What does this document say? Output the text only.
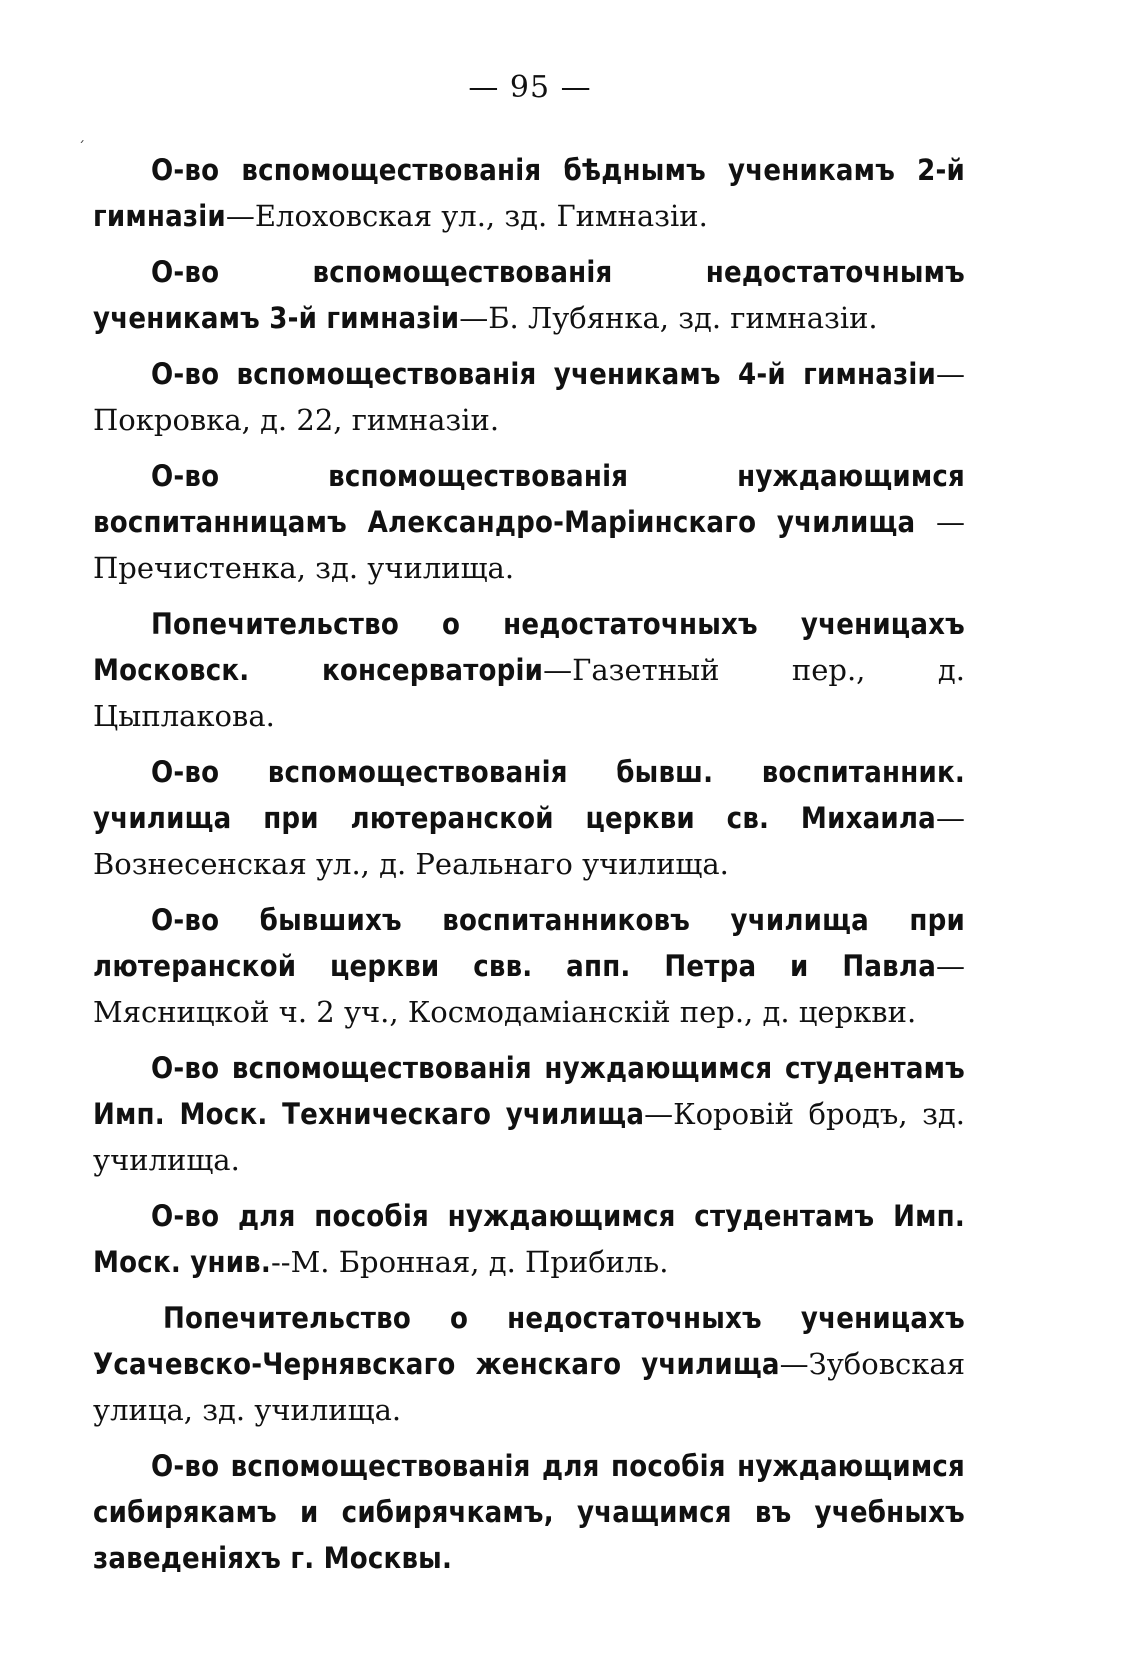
— 95 —
ˊ

О-во вспомоществованія бѣднымъ ученикамъ 2-й гимназіи—Елоховская ул., зд. Гимназіи.

О-во вспомоществованія недостаточнымъ ученикамъ 3-й гимназіи—Б. Лубянка, зд. гимназіи.

О-во вспомоществованія ученикамъ 4-й гимназіи—Покровка, д. 22, гимназіи.

О-во вспомоществованія нуждающимся воспитанницамъ Александро-Маріинскаго училища — Пречистенка, зд. училища.

Попечительство о недостаточныхъ ученицахъ Московск. консерваторіи—Газетный пер., д. Цыплакова.

О-во вспомоществованія бывш. воспитанник. училища при лютеранской церкви св. Михаила—Вознесенская ул., д. Реальнаго училища.

О-во бывшихъ воспитанниковъ училища при лютеранской церкви свв. апп. Петра и Павла—Мясницкой ч. 2 уч., Космодаміанскій пер., д. церкви.

О-во вспомоществованія нуждающимся студентамъ Имп. Моск. Техническаго училища—Коровій бродъ, зд. училища.

О-во для пособія нуждающимся студентамъ Имп. Моск. унив.--М. Бронная, д. Прибиль.

Попечительство о недостаточныхъ ученицахъ Усачевско-Чернявскаго женскаго училища—Зубовская улица, зд. училища.

О-во вспомоществованія для пособія нуждающимся сибирякамъ и сибирячкамъ, учащимся въ учебныхъ заведеніяхъ г. Москвы.
